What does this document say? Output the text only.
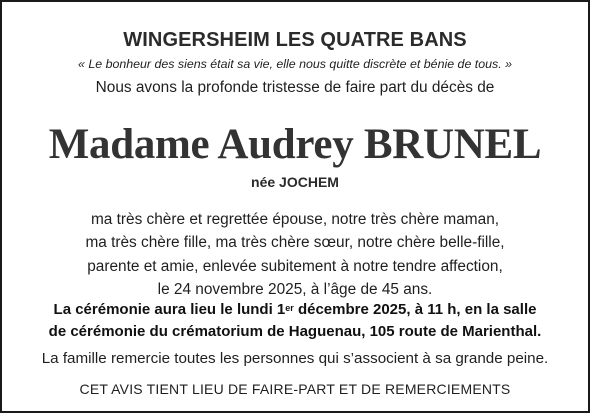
WINGERSHEIM LES QUATRE BANS
« Le bonheur des siens était sa vie, elle nous quitte discrète et bénie de tous. »
Nous avons la profonde tristesse de faire part du décès de
Madame Audrey BRUNEL
née JOCHEM
ma très chère et regrettée épouse, notre très chère maman,
ma très chère fille, ma très chère sœur, notre chère belle-fille,
parente et amie, enlevée subitement à notre tendre affection,
le 24 novembre 2025, à l’âge de 45 ans.
La cérémonie aura lieu le lundi 1er décembre 2025, à 11 h, en la salle
de cérémonie du crématorium de Haguenau, 105 route de Marienthal.
La famille remercie toutes les personnes qui s’associent à sa grande peine.
CET AVIS TIENT LIEU DE FAIRE-PART ET DE REMERCIEMENTS
